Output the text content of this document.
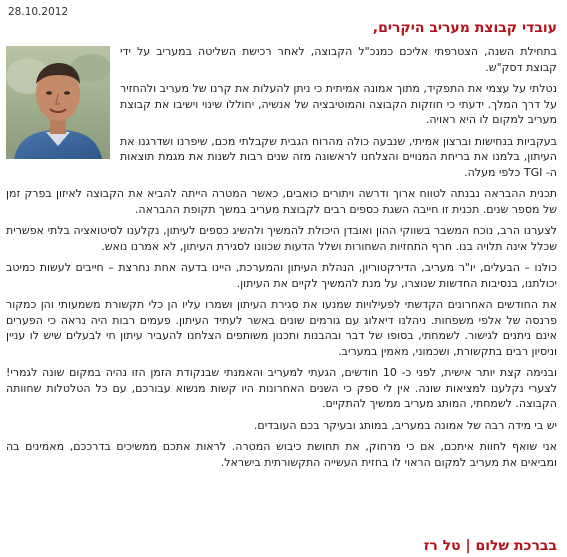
28.10.2012
עובדי קבוצת מעריב היקרים,

בתחילת השנה, הצטרפתי אליכם כמנכ"ל הקבוצה, לאחר רכישת השליטה במעריב על ידי קבוצת דסק"ש.

נטלתי על עצמי את התפקיד, מתוך אמונה אמיתית כי ניתן להעלות את קרנו של מעריב ולהחזיר על דרך המלך. ידעתי כי חוזקות הקבוצה והמוטיבציה של אנשיה, יחוללו שינוי וישיבו את קבוצת מעריב למקום לו היא ראויה.

בעקביות בנחישות וברצון אמיתי, שנבעה כולה מהרוח הגבית שקבלתי מכם, שיפרנו ושדרגנו את העיתון, בלמנו את בריחת המנויים והצלחנו לראשונה מזה שנים רבות לשנות את מגמת תוצאות ה- TGI כלפי מעלה.

תכנית ההבראה נבנתה לטווח ארוך ודרשה ויתורים כואבים, כאשר המטרה הייתה להביא את הקבוצה לאיזון בפרק זמן של מספר שנים. תכנית זו חייבה השגת כספים רבים לקבוצת מעריב במשך תקופת ההבראה.

לצערנו הרב, נוכח המשבר בשווקי ההון ואובדן היכולת להמשיך ולהשיג כספים לעיתון, נקלענו לסיטואציה בלתי אפשרית שכלל אינה תלויה בנו. חרף התחזיות השחורות ושלל הדעות שכוונו לסגירת העיתון, לא אמרנו נואש.

כולנו – הבעלים, יו"ר מעריב, הדירקטוריון, הנהלת העיתון והמערכת, היינו בדעה אחת נחרצת – חייבים לעשות כמיטב יכולתנו, בנסיבות החדשות שנוצרו, על מנת להמשיך לקיים את העיתון.

את החודשים האחרונים הקדשתי לפעילויות שמנעו את סגירת העיתון ושמרו עליו הן כלי תקשורת משמעותי והן כמקור פרנסה של אלפי משפחות. ניהלנו דיאלוג עם גורמים שונים באשר לעתיד העיתון. פעמים רבות היה נראה כי הפערים אינם ניתנים לגישור. לשמחתי, בסופו של דבר ובהבנות ותכנון משותפים הצלחנו להעביר עיתון חי לבעלים שיש לו עניין וניסיון רבים בתקשורת, ושכמוני, מאמין במעריב.

ובנימה קצת יותר אישית, לפני כ- 10 חודשים, הגעתי למעריב והאמנתי שבנקודת הזמן הזו נהיה במקום שונה לגמרי! לצערי נקלענו למציאות שונה. אין לי ספק כי השנים האחרונות היו קשות מנשוא עבורכם, עם כל הטלטלות שחוותה הקבוצה. לשמחתי, המותג מעריב ממשיך להתקיים.

יש בי מידה רבה של אמונה במעריב, במותג ובעיקר בכם העובדים.

אני שואף לחוות איתכם, אם כי מרחוק, את תחושת כיבוש המטרה. לראות אתכם ממשיכים בדרככם, מאמינים בה ומביאים את מעריב למקום הראוי לו בחזית העשייה התקשורתית בישראל.

בברכת שלום | טל רז
